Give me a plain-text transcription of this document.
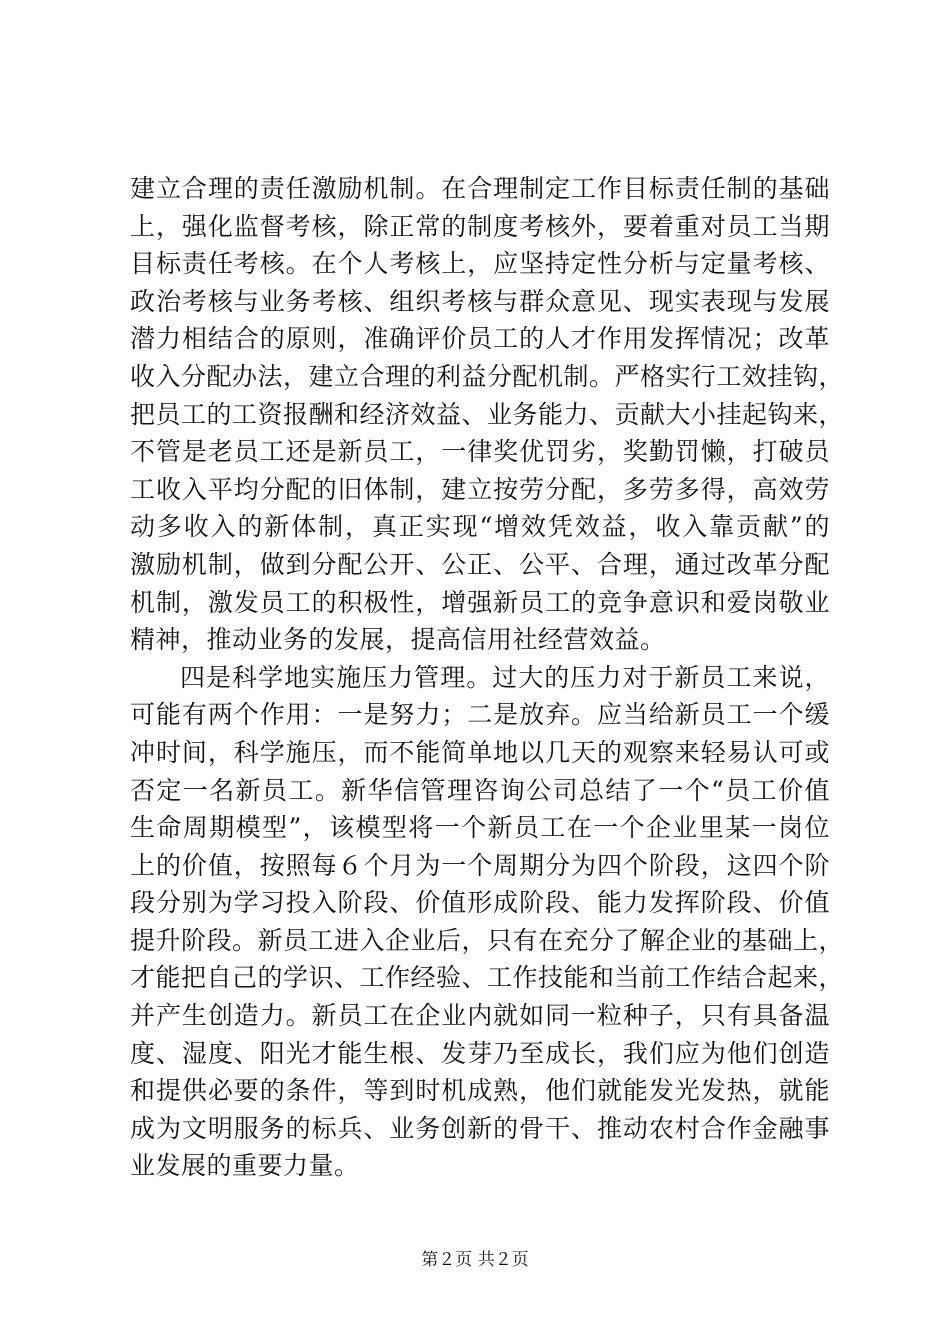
建立合理的责任激励机制。在合理制定工作目标责任制的基础
上，强化监督考核，除正常的制度考核外，要着重对员工当期
目标责任考核。在个人考核上，应坚持定性分析与定量考核、
政治考核与业务考核、组织考核与群众意见、现实表现与发展
潜力相结合的原则，准确评价员工的人才作用发挥情况；改革
收入分配办法，建立合理的利益分配机制。严格实行工效挂钩，
把员工的工资报酬和经济效益、业务能力、贡献大小挂起钩来，
不管是老员工还是新员工，一律奖优罚劣，奖勤罚懒，打破员
工收入平均分配的旧体制，建立按劳分配，多劳多得，高效劳
动多收入的新体制，真正实现“增效凭效益，收入靠贡献”的
激励机制，做到分配公开、公正、公平、合理，通过改革分配
机制，激发员工的积极性，增强新员工的竞争意识和爱岗敬业
精神，推动业务的发展，提高信用社经营效益。
四是科学地实施压力管理。过大的压力对于新员工来说，
可能有两个作用：一是努力；二是放弃。应当给新员工一个缓
冲时间，科学施压，而不能简单地以几天的观察来轻易认可或
否定一名新员工。新华信管理咨询公司总结了一个“员工价值
生命周期模型”，该模型将一个新员工在一个企业里某一岗位
上的价值，按照每６个月为一个周期分为四个阶段，这四个阶
段分别为学习投入阶段、价值形成阶段、能力发挥阶段、价值
提升阶段。新员工进入企业后，只有在充分了解企业的基础上，
才能把自己的学识、工作经验、工作技能和当前工作结合起来，
并产生创造力。新员工在企业内就如同一粒种子，只有具备温
度、湿度、阳光才能生根、发芽乃至成长，我们应为他们创造
和提供必要的条件，等到时机成熟，他们就能发光发热，就能
成为文明服务的标兵、业务创新的骨干、推动农村合作金融事
业发展的重要力量。
第２页 共２页
